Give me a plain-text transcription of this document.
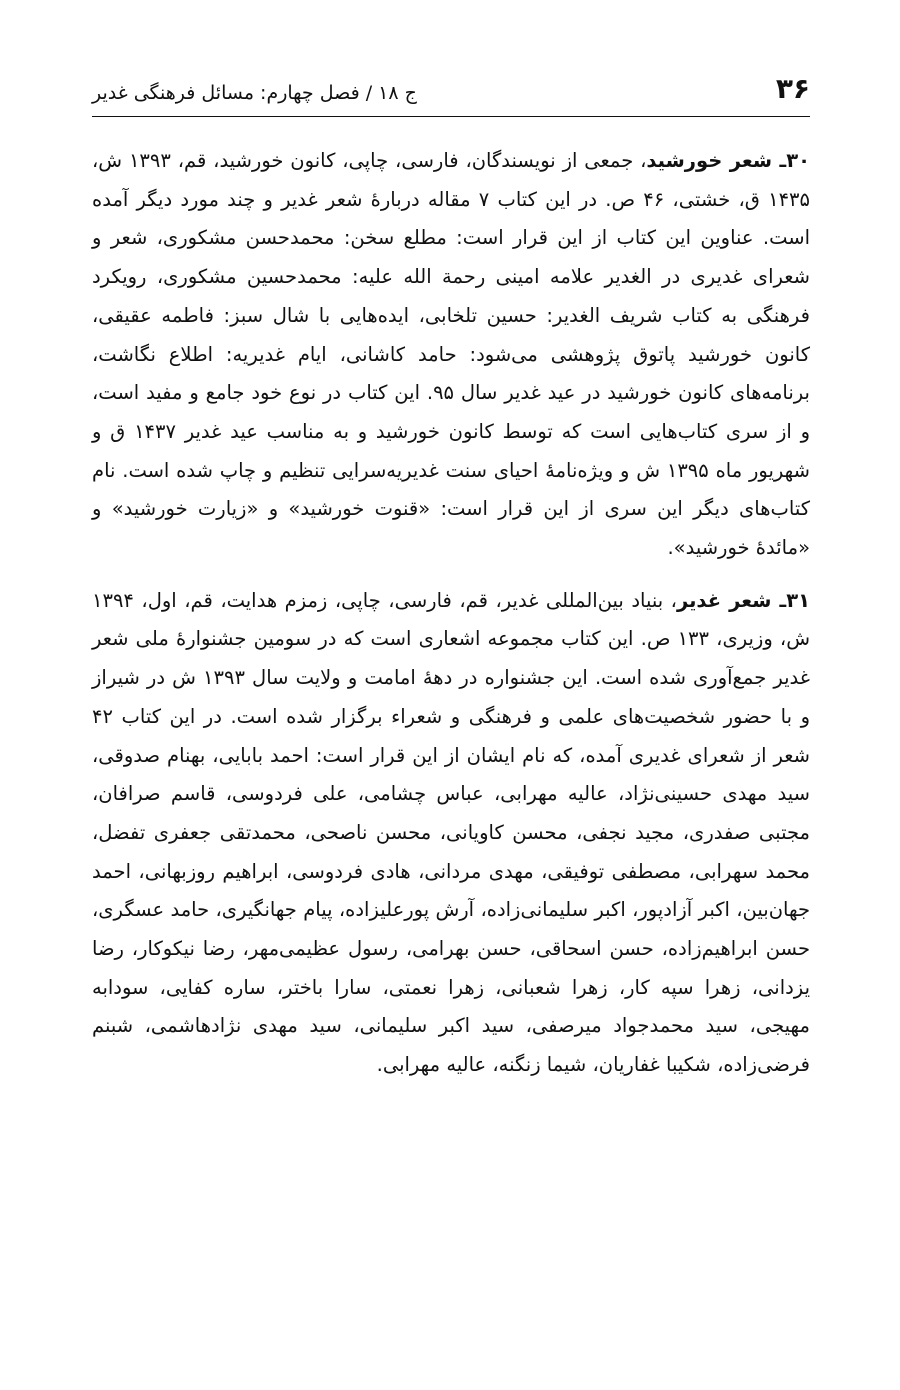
۳۶
ج ۱۸ / فصل چهارم: مسائل فرهنگی غدیر

۳۰ـ شعر خورشید، جمعی از نویسندگان، فارسی، چاپی، کانون خورشید، قم، ۱۳۹۳ ش، ۱۴۳۵ ق، خشتی، ۴۶ ص. در این کتاب ۷ مقاله دربارهٔ شعر غدیر و چند مورد دیگر آمده است. عناوین این کتاب از این قرار است: مطلع سخن: محمدحسن مشکوری، شعر و شعرای غدیری در الغدیر علامه امینی رحمة الله علیه: محمدحسین مشکوری، رویکرد فرهنگی به کتاب شریف الغدیر: حسین تلخابی، ایده‌هایی با شال سبز: فاطمه عقیقی، کانون خورشید پاتوق پژوهشی می‌شود: حامد کاشانی، ایام غدیریه: اطلاع نگاشت، برنامه‌های کانون خورشید در عید غدیر سال ۹۵. این کتاب در نوع خود جامع و مفید است، و از سری کتاب‌هایی است که توسط کانون خورشید و به مناسب عید غدیر ۱۴۳۷ ق و شهریور ماه ۱۳۹۵ ش و ویژه‌نامهٔ احیای سنت غدیریه‌سرایی تنظیم و چاپ شده است. نام کتاب‌های دیگر این سری از این قرار است: «قنوت خورشید» و «زیارت خورشید» و «مائدهٔ خورشید».

۳۱ـ شعر غدیر، بنیاد بین‌المللی غدیر، قم، فارسی، چاپی، زمزم هدایت، قم، اول، ۱۳۹۴ ش، وزیری، ۱۳۳ ص. این کتاب مجموعه اشعاری است که در سومین جشنوارهٔ ملی شعر غدیر جمع‌آوری شده است. این جشنواره در دههٔ امامت و ولایت سال ۱۳۹۳ ش در شیراز و با حضور شخصیت‌های علمی و فرهنگی و شعراء برگزار شده است. در این کتاب ۴۲ شعر از شعرای غدیری آمده، که نام ایشان از این قرار است: احمد بابایی، بهنام صدوقی، سید مهدی حسینی‌نژاد، عالیه مهرابی، عباس چشامی، علی فردوسی، قاسم صرافان، مجتبی صفدری، مجید نجفی، محسن کاویانی، محسن ناصحی، محمدتقی جعفری تفضل، محمد سهرابی، مصطفی توفیقی، مهدی مردانی، هادی فردوسی، ابراهیم روزبهانی، احمد جهان‌بین، اکبر آزادپور، اکبر سلیمانی‌زاده، آرش پورعلیزاده، پیام جهانگیری، حامد عسگری، حسن ابراهیم‌زاده، حسن اسحاقی، حسن بهرامی، رسول عظیمی‌مهر، رضا نیکوکار، رضا یزدانی، زهرا سپه کار، زهرا شعبانی، زهرا نعمتی، سارا باختر، ساره کفایی، سودابه مهیجی، سید محمدجواد میرصفی، سید اکبر سلیمانی، سید مهدی نژادهاشمی، شبنم فرضی‌زاده، شکیبا غفاریان، شیما زنگنه، عالیه مهرابی.
